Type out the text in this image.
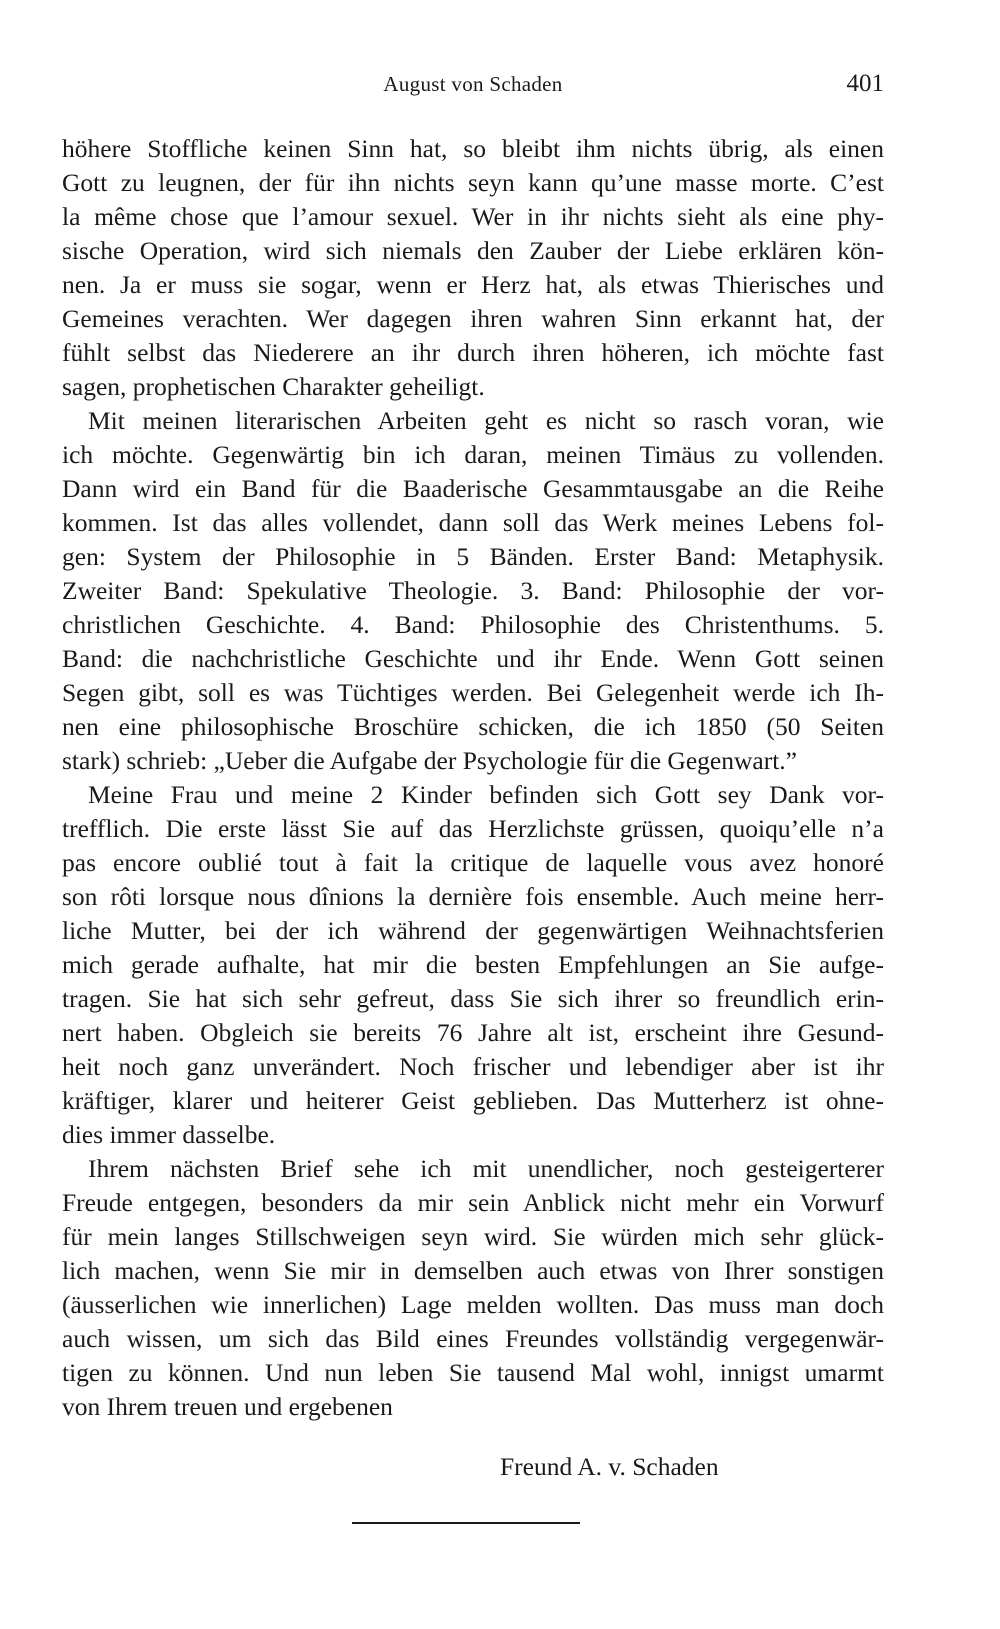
August von Schaden	401
höhere Stoffliche keinen Sinn hat, so bleibt ihm nichts übrig, als einen
Gott zu leugnen, der für ihn nichts seyn kann qu’une masse morte. C’est
la même chose que l’amour sexuel. Wer in ihr nichts sieht als eine phy-
sische Operation, wird sich niemals den Zauber der Liebe erklären kön-
nen. Ja er muss sie sogar, wenn er Herz hat, als etwas Thierisches und
Gemeines verachten. Wer dagegen ihren wahren Sinn erkannt hat, der
fühlt selbst das Niederere an ihr durch ihren höheren, ich möchte fast
sagen, prophetischen Charakter geheiligt.
Mit meinen literarischen Arbeiten geht es nicht so rasch voran, wie
ich möchte. Gegenwärtig bin ich daran, meinen Timäus zu vollenden.
Dann wird ein Band für die Baaderische Gesammtausgabe an die Reihe
kommen. Ist das alles vollendet, dann soll das Werk meines Lebens fol-
gen: System der Philosophie in 5 Bänden. Erster Band: Metaphysik.
Zweiter Band: Spekulative Theologie. 3. Band: Philosophie der vor-
christlichen Geschichte. 4. Band: Philosophie des Christenthums. 5.
Band: die nachchristliche Geschichte und ihr Ende. Wenn Gott seinen
Segen gibt, soll es was Tüchtiges werden. Bei Gelegenheit werde ich Ih-
nen eine philosophische Broschüre schicken, die ich 1850 (50 Seiten
stark) schrieb: „Ueber die Aufgabe der Psychologie für die Gegenwart.”
Meine Frau und meine 2 Kinder befinden sich Gott sey Dank vor-
trefflich. Die erste lässt Sie auf das Herzlichste grüssen, quoiqu’elle n’a
pas encore oublié tout à fait la critique de laquelle vous avez honoré
son rôti lorsque nous dînions la dernière fois ensemble. Auch meine herr-
liche Mutter, bei der ich während der gegenwärtigen Weihnachtsferien
mich gerade aufhalte, hat mir die besten Empfehlungen an Sie aufge-
tragen. Sie hat sich sehr gefreut, dass Sie sich ihrer so freundlich erin-
nert haben. Obgleich sie bereits 76 Jahre alt ist, erscheint ihre Gesund-
heit noch ganz unverändert. Noch frischer und lebendiger aber ist ihr
kräftiger, klarer und heiterer Geist geblieben. Das Mutterherz ist ohne-
dies immer dasselbe.
Ihrem nächsten Brief sehe ich mit unendlicher, noch gesteigerterer
Freude entgegen, besonders da mir sein Anblick nicht mehr ein Vorwurf
für mein langes Stillschweigen seyn wird. Sie würden mich sehr glück-
lich machen, wenn Sie mir in demselben auch etwas von Ihrer sonstigen
(äusserlichen wie innerlichen) Lage melden wollten. Das muss man doch
auch wissen, um sich das Bild eines Freundes vollständig vergegenwär-
tigen zu können. Und nun leben Sie tausend Mal wohl, innigst umarmt
von Ihrem treuen und ergebenen
Freund A. v. Schaden
